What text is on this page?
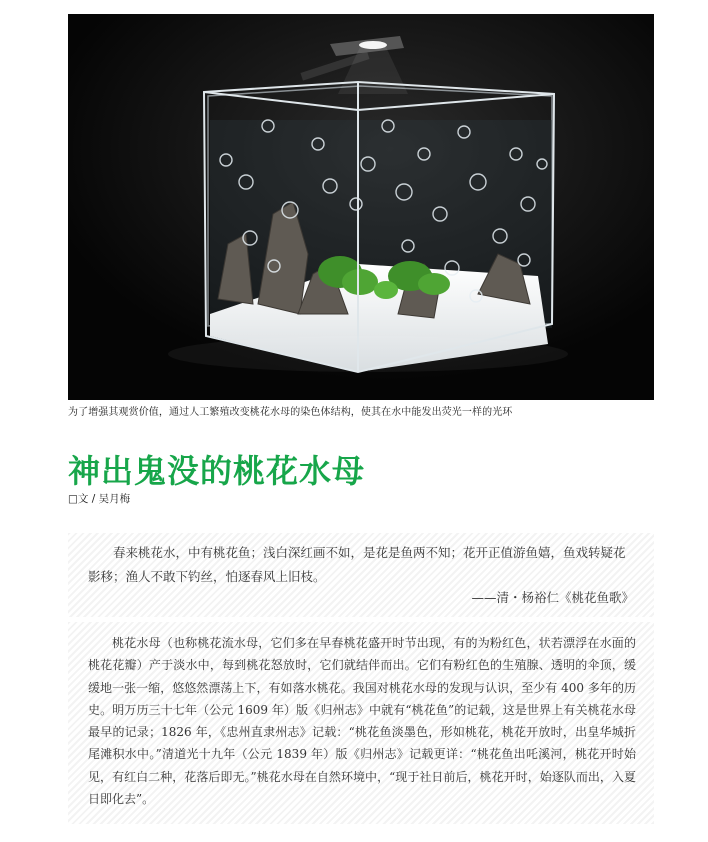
为了增强其观赏价值，通过人工繁殖改变桃花水母的染色体结构，使其在水中能发出荧光一样的光环
神出鬼没的桃花水母
□文 / 吴月梅
春来桃花水，中有桃花鱼；浅白深红画不如，是花是鱼两不知；花开正值游鱼嬉，鱼戏转疑花影移；渔人不敢下钓丝，怕逐春风上旧枝。
——清・杨裕仁《桃花鱼歌》
桃花水母（也称桃花流水母，它们多在早春桃花盛开时节出现，有的为粉红色，状若漂浮在水面的桃花花瓣）产于淡水中，每到桃花怒放时，它们就结伴而出。它们有粉红色的生殖腺、透明的伞顶，缓缓地一张一缩，悠悠然漂荡上下，有如落水桃花。我国对桃花水母的发现与认识，至少有 400 多年的历史。明万历三十七年（公元 1609 年）版《归州志》中就有“桃花鱼”的记载，这是世界上有关桃花水母最早的记录；1826 年，《忠州直隶州志》记载：“桃花鱼淡墨色，形如桃花，桃花开放时，出皇华城折尾滩积水中。”清道光十九年（公元 1839 年）版《归州志》记载更详：“桃花鱼出吒溪河，桃花开时始见，有红白二种，花落后即无。”桃花水母在自然环境中，“现于社日前后，桃花开时，始逐队而出，入夏日即化去”。
